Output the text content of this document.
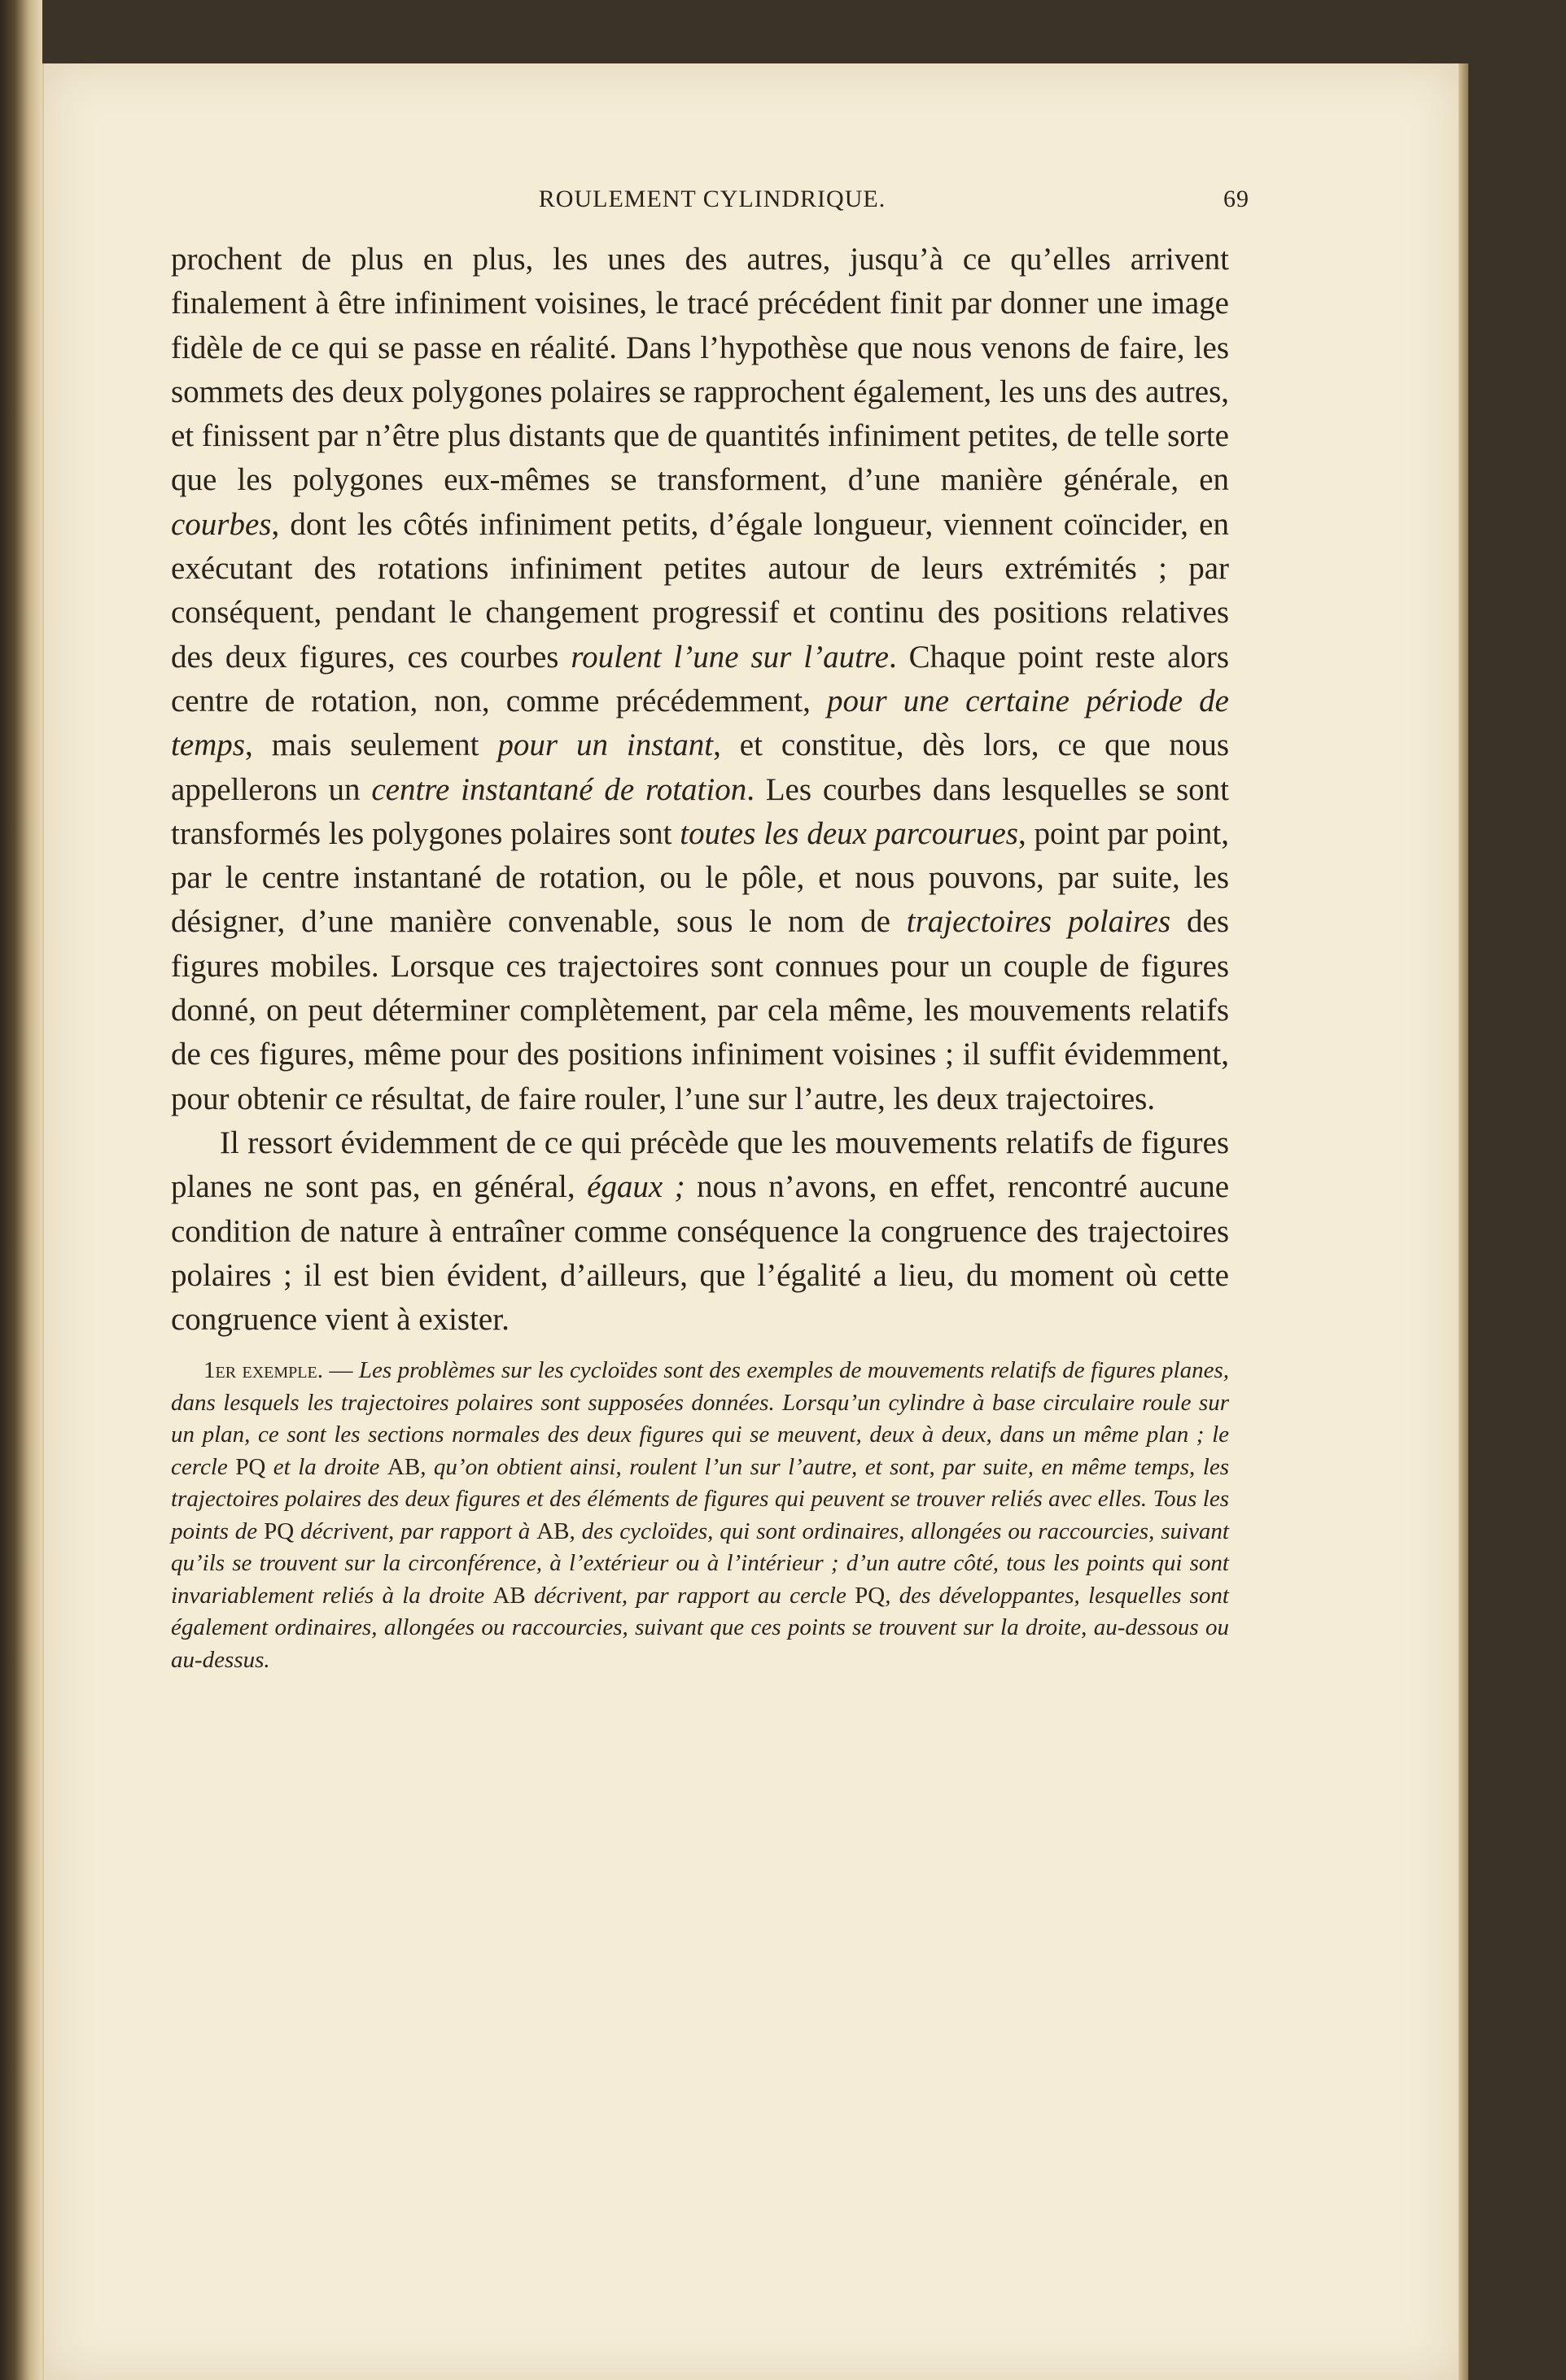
ROULEMENT CYLINDRIQUE.	69

prochent de plus en plus, les unes des autres, jusqu’à ce qu’elles arrivent finalement à être infiniment voisines, le tracé précédent finit par donner une image fidèle de ce qui se passe en réalité. Dans l’hypothèse que nous venons de faire, les sommets des deux polygones polaires se rapprochent également, les uns des autres, et finissent par n’être plus distants que de quantités infiniment petites, de telle sorte que les polygones eux-mêmes se transforment, d’une manière générale, en courbes, dont les côtés infiniment petits, d’égale longueur, viennent coïncider, en exécutant des rotations infiniment petites autour de leurs extrémités ; par conséquent, pendant le changement progressif et continu des positions relatives des deux figures, ces courbes roulent l’une sur l’autre. Chaque point reste alors centre de rotation, non, comme précédemment, pour une certaine période de temps, mais seulement pour un instant, et constitue, dès lors, ce que nous appellerons un centre instantané de rotation. Les courbes dans lesquelles se sont transformés les polygones polaires sont toutes les deux parcourues, point par point, par le centre instantané de rotation, ou le pôle, et nous pouvons, par suite, les désigner, d’une manière convenable, sous le nom de trajectoires polaires des figures mobiles. Lorsque ces trajectoires sont connues pour un couple de figures donné, on peut déterminer complètement, par cela même, les mouvements relatifs de ces figures, même pour des positions infiniment voisines ; il suffit évidemment, pour obtenir ce résultat, de faire rouler, l’une sur l’autre, les deux trajectoires.

Il ressort évidemment de ce qui précède que les mouvements relatifs de figures planes ne sont pas, en général, égaux ; nous n’avons, en effet, rencontré aucune condition de nature à entraîner comme conséquence la congruence des trajectoires polaires ; il est bien évident, d’ailleurs, que l’égalité a lieu, du moment où cette congruence vient à exister.

1er exemple. — Les problèmes sur les cycloïdes sont des exemples de mouvements relatifs de figures planes, dans lesquels les trajectoires polaires sont supposées données. Lorsqu’un cylindre à base circulaire roule sur un plan, ce sont les sections normales des deux figures qui se meuvent, deux à deux, dans un même plan ; le cercle PQ et la droite AB, qu’on obtient ainsi, roulent l’un sur l’autre, et sont, par suite, en même temps, les trajectoires polaires des deux figures et des éléments de figures qui peuvent se trouver reliés avec elles. Tous les points de PQ décrivent, par rapport à AB, des cycloïdes, qui sont ordinaires, allongées ou raccourcies, suivant qu’ils se trouvent sur la circonférence, à l’extérieur ou à l’intérieur ; d’un autre côté, tous les points qui sont invariablement reliés à la droite AB décrivent, par rapport au cercle PQ, des développantes, lesquelles sont également ordinaires, allongées ou raccourcies, suivant que ces points se trouvent sur la droite, au-dessous ou au-dessus.
